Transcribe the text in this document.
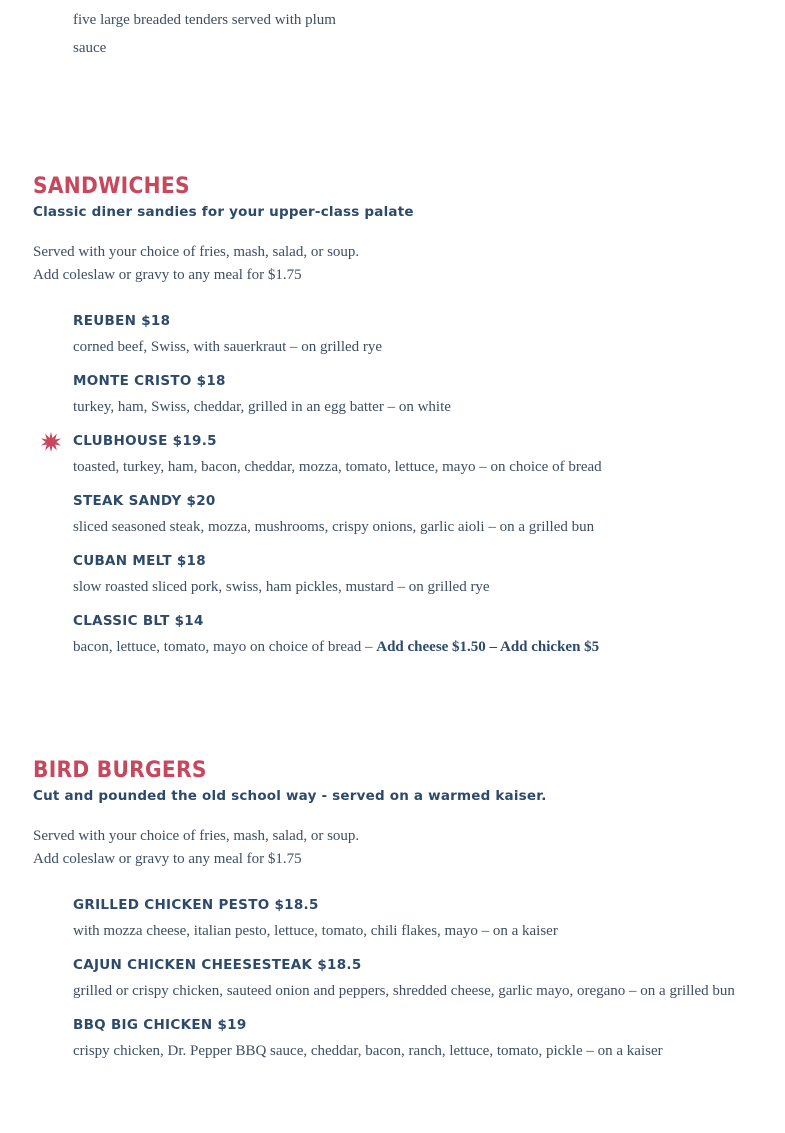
five large breaded tenders served with plum sauce
SANDWICHES
Classic diner sandies for your upper-class palate
Served with your choice of fries, mash, salad, or soup.
Add coleslaw or gravy to any meal for $1.75
REUBEN $18
corned beef, Swiss, with sauerkraut – on grilled rye
MONTE CRISTO $18
turkey, ham, Swiss, cheddar, grilled in an egg batter – on white
CLUBHOUSE $19.5
toasted, turkey, ham, bacon, cheddar, mozza, tomato, lettuce, mayo – on choice of bread
STEAK SANDY $20
sliced seasoned steak, mozza, mushrooms, crispy onions, garlic aioli – on a grilled bun
CUBAN MELT $18
slow roasted sliced pork, swiss, ham pickles, mustard – on grilled rye
CLASSIC BLT $14
bacon, lettuce, tomato, mayo on choice of bread – Add cheese $1.50 – Add chicken $5
BIRD BURGERS
Cut and pounded the old school way - served on a warmed kaiser.
Served with your choice of fries, mash, salad, or soup.
Add coleslaw or gravy to any meal for $1.75
GRILLED CHICKEN PESTO $18.5
with mozza cheese, italian pesto, lettuce, tomato, chili flakes, mayo – on a kaiser
CAJUN CHICKEN CHEESESTEAK $18.5
grilled or crispy chicken, sauteed onion and peppers, shredded cheese, garlic mayo, oregano – on a grilled bun
BBQ BIG CHICKEN $19
crispy chicken, Dr. Pepper BBQ sauce, cheddar, bacon, ranch, lettuce, tomato, pickle – on a kaiser
